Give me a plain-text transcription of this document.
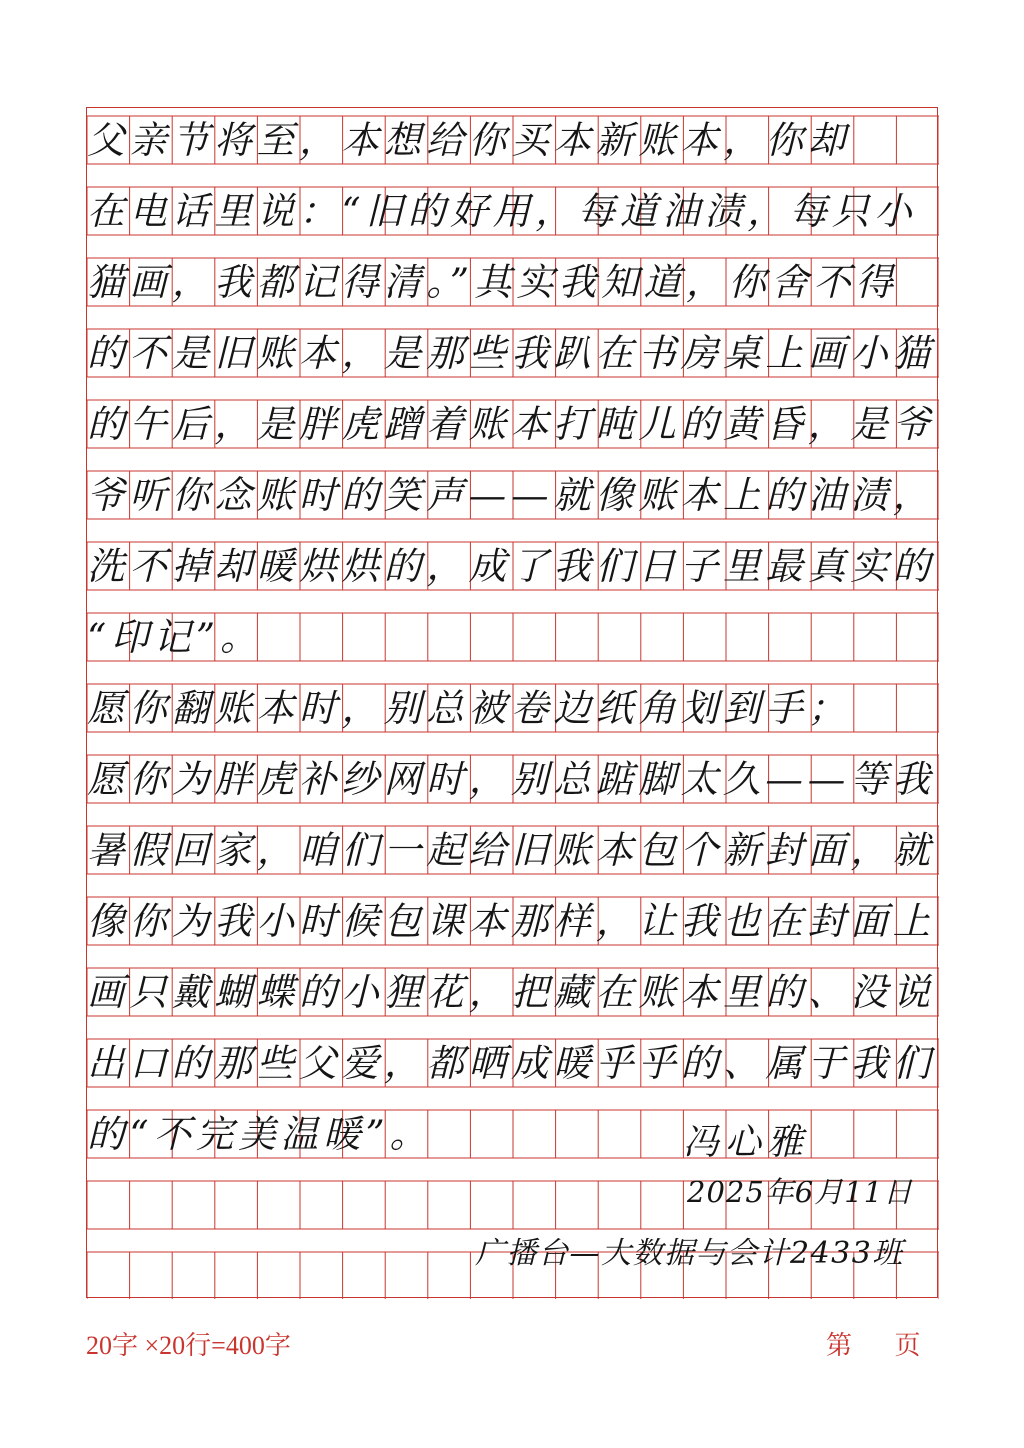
父亲节将至，本想给你买本新账本，你却
在电话里说：“旧的好用，每道油渍，每只小
猫画，我都记得清。”其实我知道，你舍不得
的不是旧账本，是那些我趴在书房桌上画小猫
的午后，是胖虎蹭着账本打盹儿的黄昏，是爷
爷听你念账时的笑声——就像账本上的油渍，
洗不掉却暖烘烘的，成了我们日子里最真实的
“印记”。
愿你翻账本时，别总被卷边纸角划到手；
愿你为胖虎补纱网时，别总踮脚太久——等我
暑假回家，咱们一起给旧账本包个新封面，就
像你为我小时候包课本那样，让我也在封面上
画只戴蝴蝶的小狸花，把藏在账本里的、没说
出口的那些父爱，都晒成暖乎乎的、属于我们
的“不完美温暖”。	冯心雅
2025年6月11日
广播台—大数据与会计2433班
20字 ×20行=400字	第 页
